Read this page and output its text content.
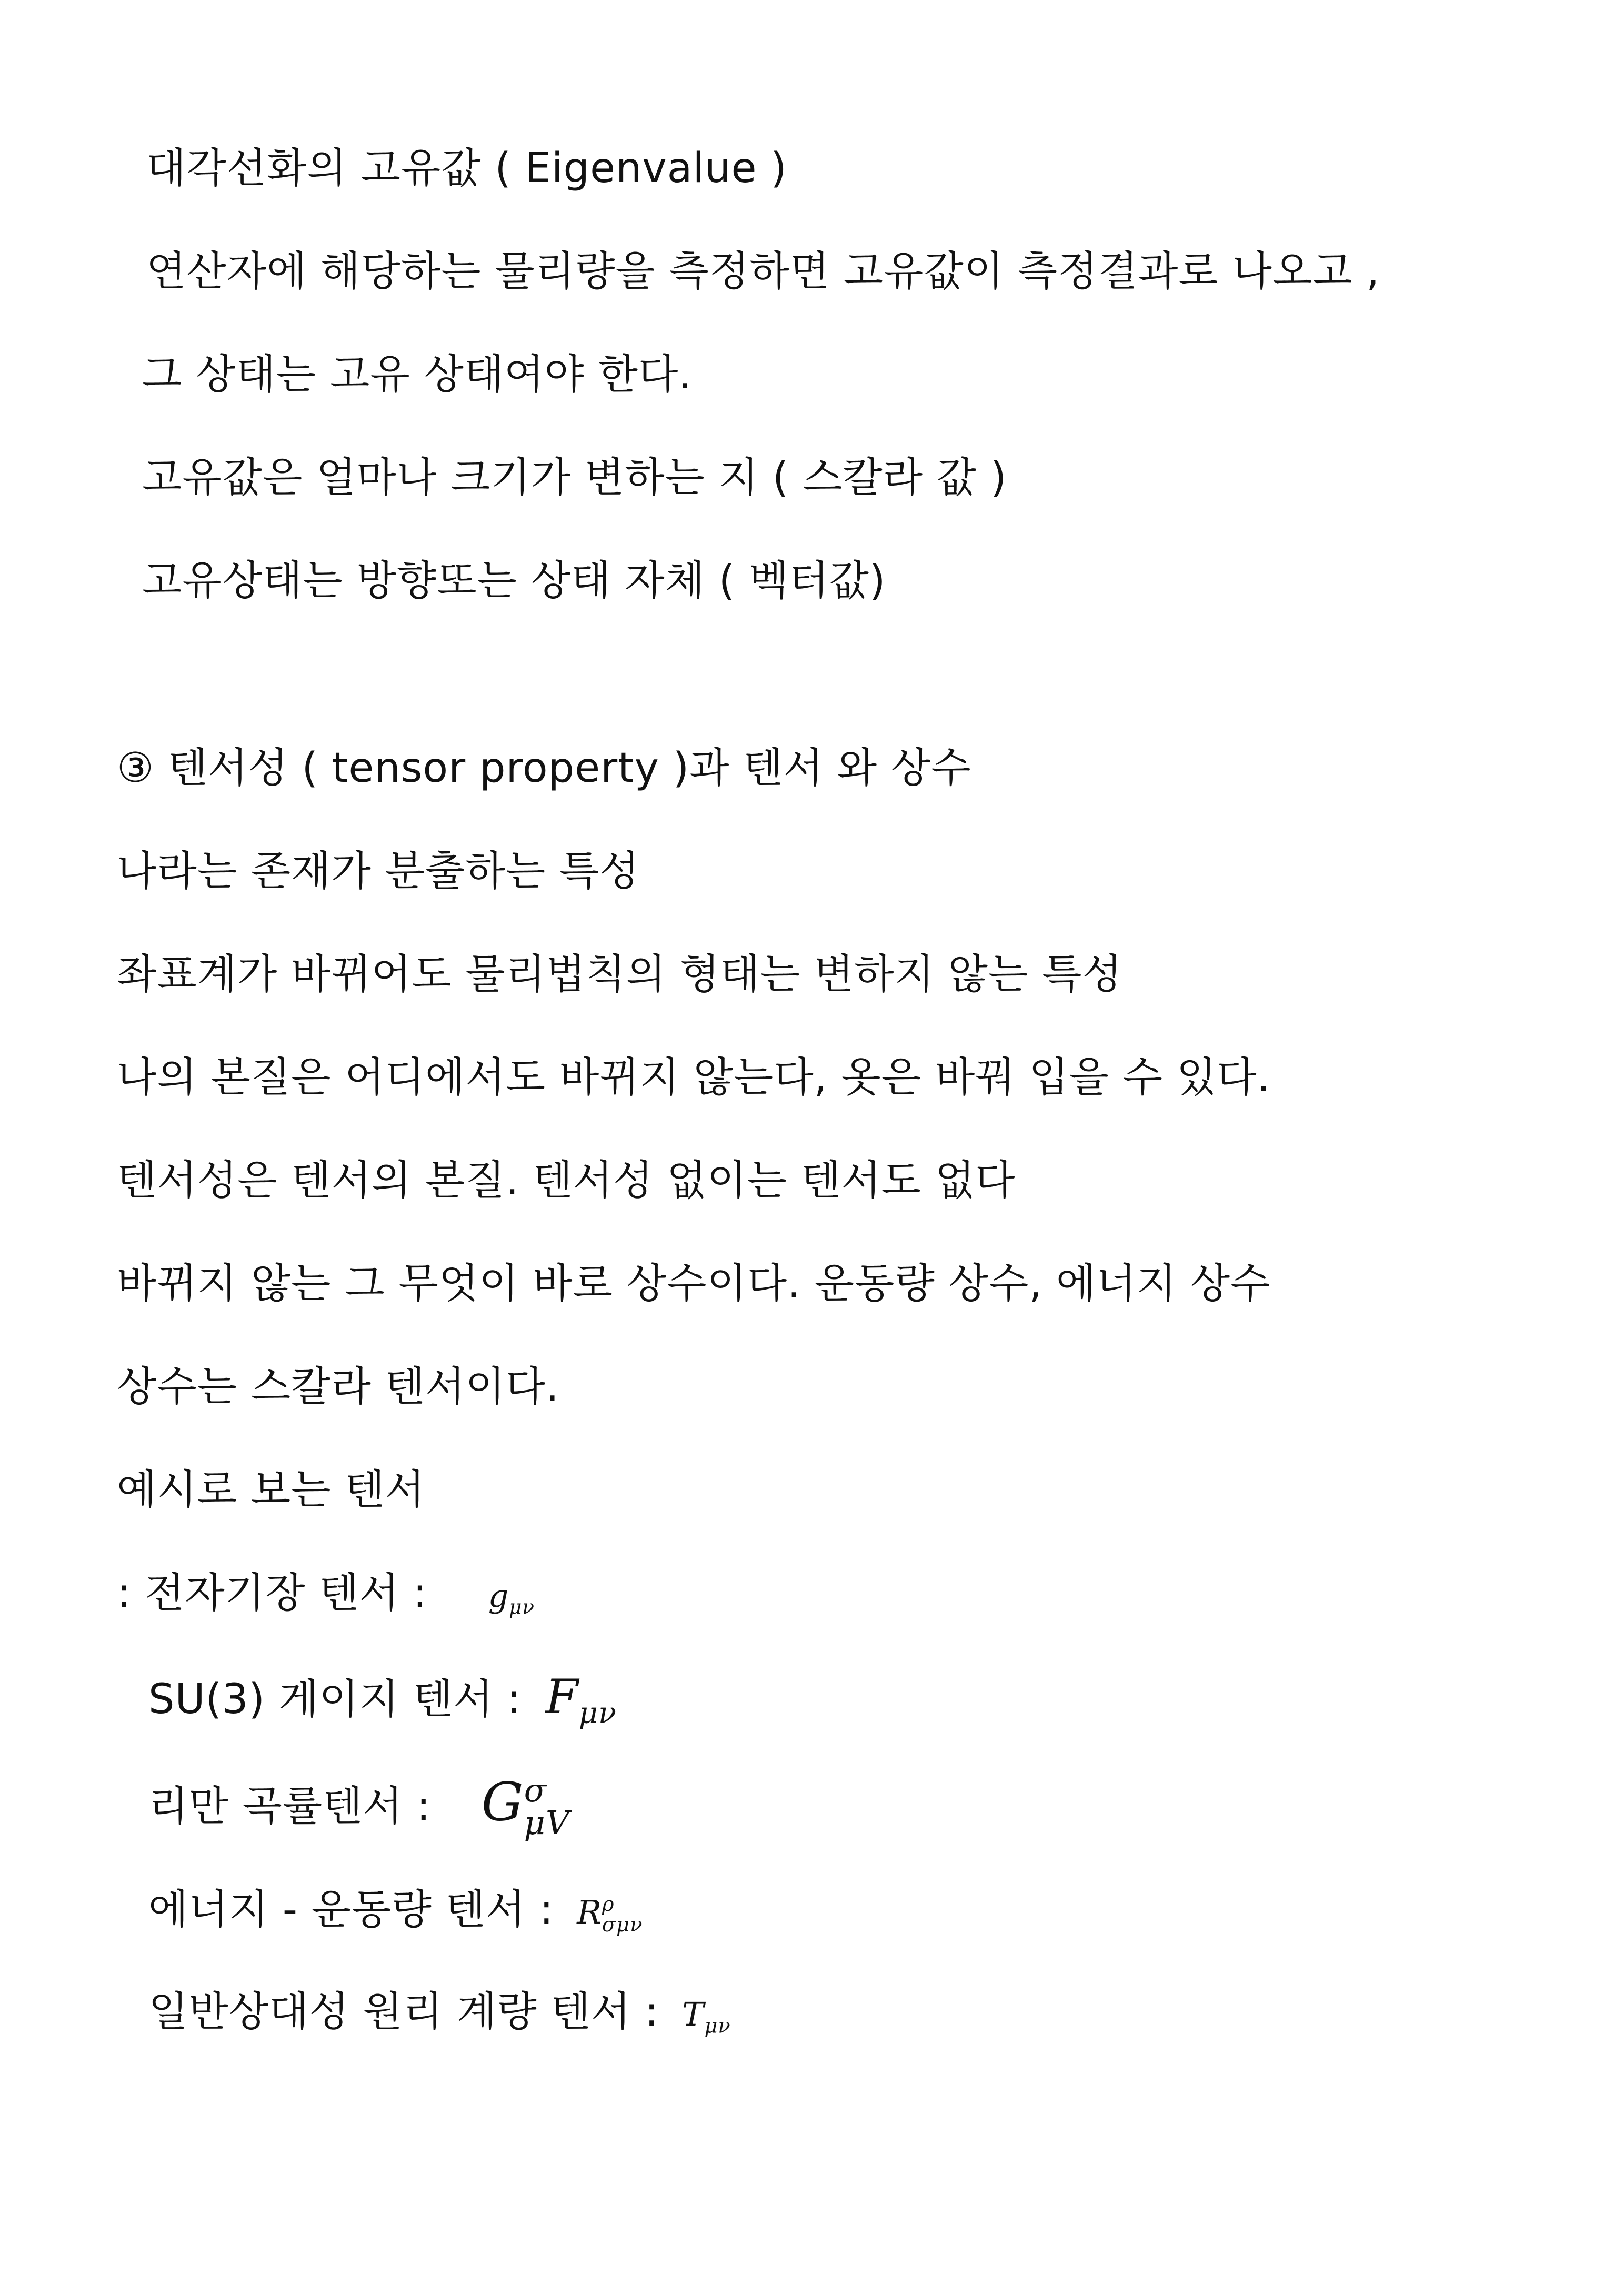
대각선화의 고유값 ( Eigenvalue )
연산자에 해당하는 물리량을 측정하면 고유값이 측정결과로 나오고 ,
그 상태는 고유 상태여야 한다.
고유값은 얼마나 크기가 변하는 지 ( 스칼라 값 )
고유상태는 방향또는 상태 자체 ( 벡터값)
③ 텐서성 ( tensor property )과 텐서 와 상수
나라는 존재가 분출하는 특성
좌표계가 바뀌어도 물리법칙의 형태는 변하지 않는 특성
나의 본질은 어디에서도 바뀌지 않는다, 옷은 바꿔 입을 수 있다.
텐서성은 텐서의 본질. 텐서성 없이는 텐서도 없다
바뀌지 않는 그 무엇이 바로 상수이다. 운동량 상수, 에너지 상수
상수는 스칼라 텐서이다.
예시로 보는 텐서
: 전자기장 텐서 : $g_{\mu\nu}$
SU(3) 게이지 텐서 : $F_{\mu\nu}$
리만 곡률텐서 : G σ
μV
에너지 - 운동량 텐서 : R ρ
σμν
일반상대성 원리 계량 텐서 : $T_{\mu\nu}$
